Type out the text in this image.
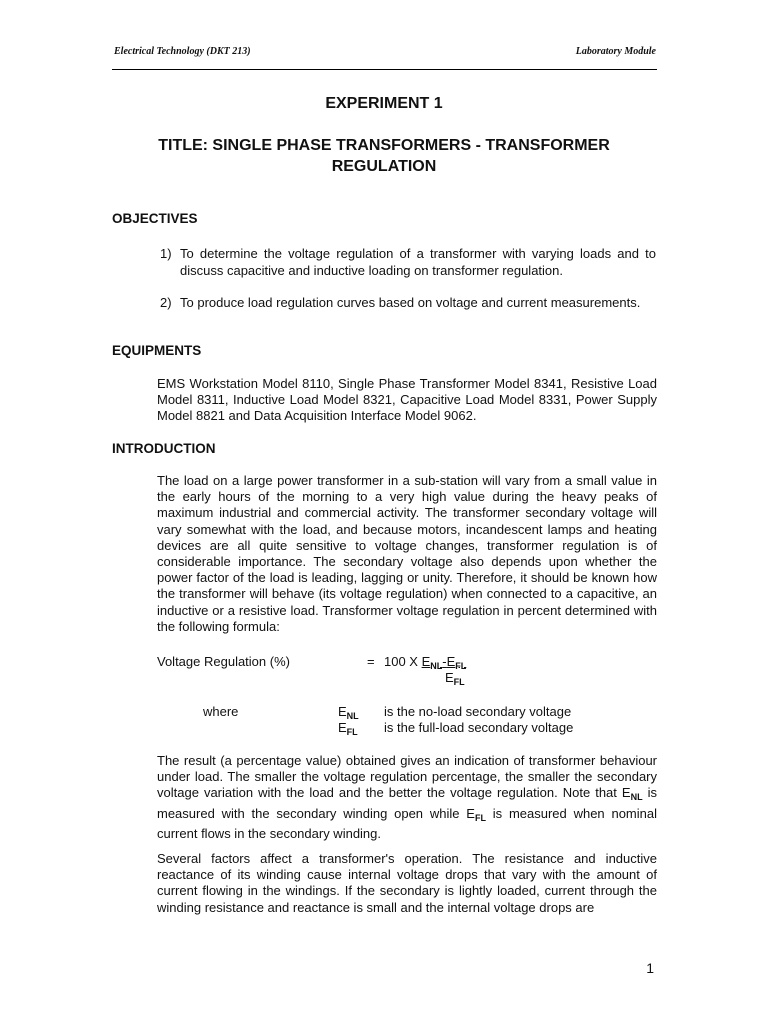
Electrical Technology (DKT 213)	Laboratory Module
EXPERIMENT 1
TITLE: SINGLE PHASE TRANSFORMERS - TRANSFORMER REGULATION
OBJECTIVES
1) To determine the voltage regulation of a transformer with varying loads and to discuss capacitive and inductive loading on transformer regulation.
2) To produce load regulation curves based on voltage and current measurements.
EQUIPMENTS
EMS Workstation Model 8110, Single Phase Transformer Model 8341, Resistive Load Model 8311, Inductive Load Model 8321, Capacitive Load Model 8331, Power Supply Model 8821 and Data Acquisition Interface Model 9062.
INTRODUCTION
The load on a large power transformer in a sub-station will vary from a small value in the early hours of the morning to a very high value during the heavy peaks of maximum industrial and commercial activity. The transformer secondary voltage will vary somewhat with the load, and because motors, incandescent lamps and heating devices are all quite sensitive to voltage changes, transformer regulation is of considerable importance. The secondary voltage also depends upon whether the power factor of the load is leading, lagging or unity. Therefore, it should be known how the transformer will behave (its voltage regulation) when connected to a capacitive, an inductive or a resistive load. Transformer voltage regulation in percent determined with the following formula:
Voltage Regulation (%)	= 100 X $E_{NL}-E_{FL}$
$E_{FL}$
where	$E_{NL}$ is the no-load secondary voltage
$E_{FL}$ is the full-load secondary voltage
The result (a percentage value) obtained gives an indication of transformer behaviour under load. The smaller the voltage regulation percentage, the smaller the secondary voltage variation with the load and the better the voltage regulation. Note that $E_{NL}$ is measured with the secondary winding open while $E_{FL}$ is measured when nominal current flows in the secondary winding.
Several factors affect a transformer's operation. The resistance and inductive reactance of its winding cause internal voltage drops that vary with the amount of current flowing in the windings. If the secondary is lightly loaded, current through the winding resistance and reactance is small and the internal voltage drops are
1
